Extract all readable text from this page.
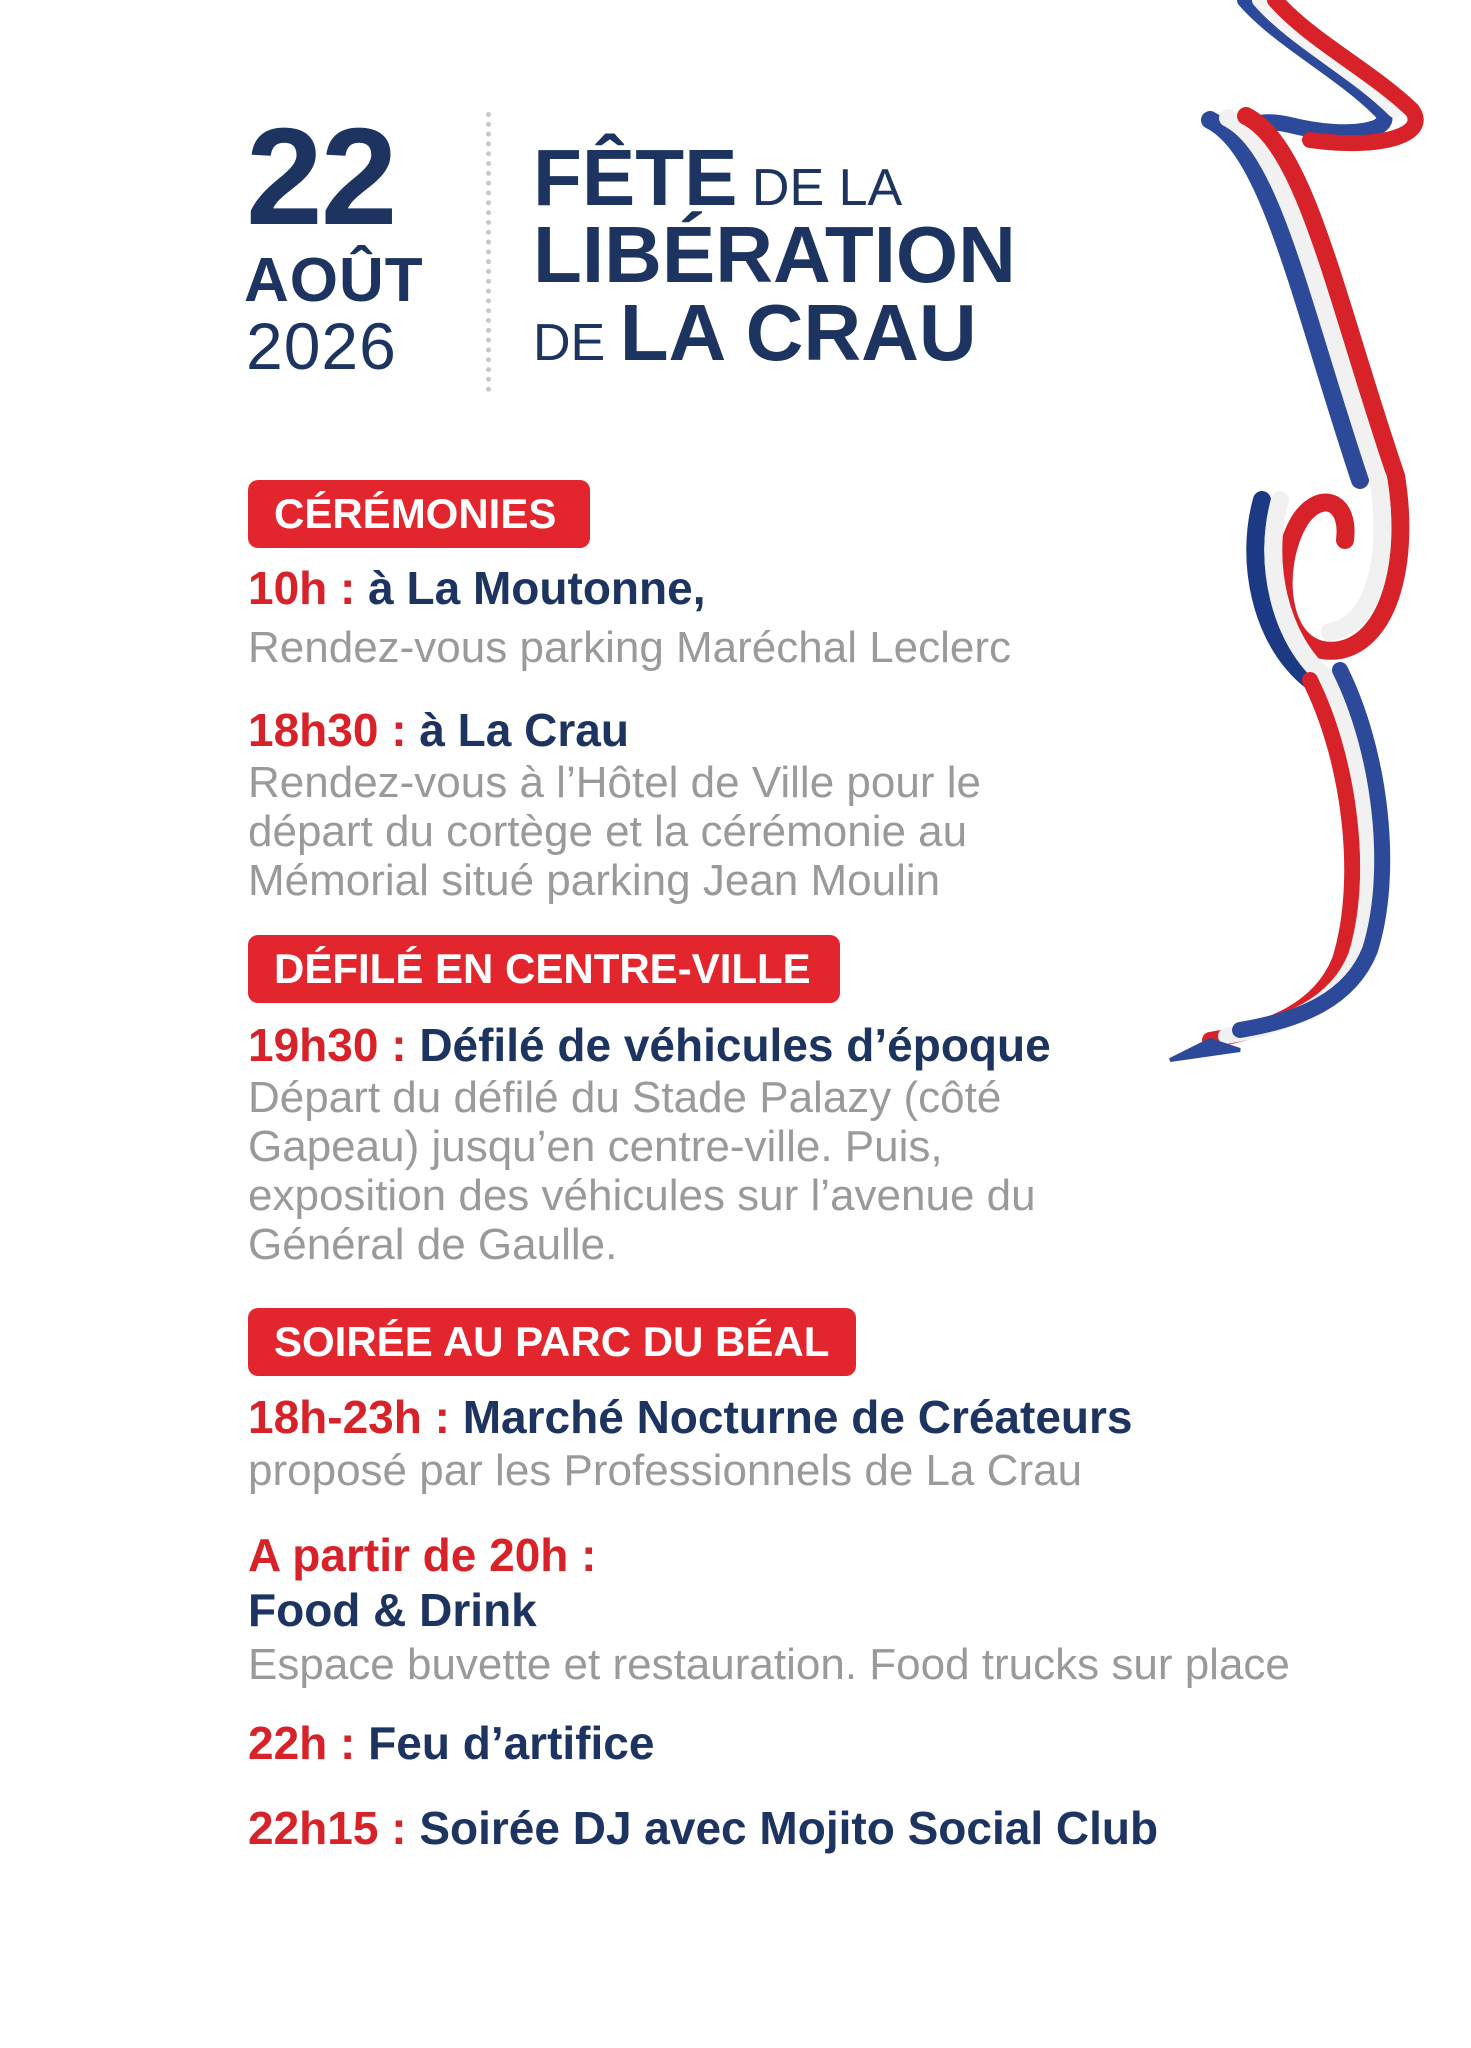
22
AOÛT
2026
FÊTE DE LA
LIBÉRATION
DE LA CRAU
CÉRÉMONIES
10h : à La Moutonne,
Rendez-vous parking Maréchal Leclerc
18h30 : à La Crau
Rendez-vous à l’Hôtel de Ville pour le
départ du cortège et la cérémonie au
Mémorial situé parking Jean Moulin
DÉFILÉ EN CENTRE-VILLE
19h30 : Défilé de véhicules d’époque
Départ du défilé du Stade Palazy (côté
Gapeau) jusqu’en centre-ville. Puis,
exposition des véhicules sur l’avenue du
Général de Gaulle.
SOIRÉE AU PARC DU BÉAL
18h-23h : Marché Nocturne de Créateurs
proposé par les Professionnels de La Crau
A partir de 20h :
Food & Drink
Espace buvette et restauration. Food trucks sur place
22h : Feu d’artifice
22h15 : Soirée DJ avec Mojito Social Club
